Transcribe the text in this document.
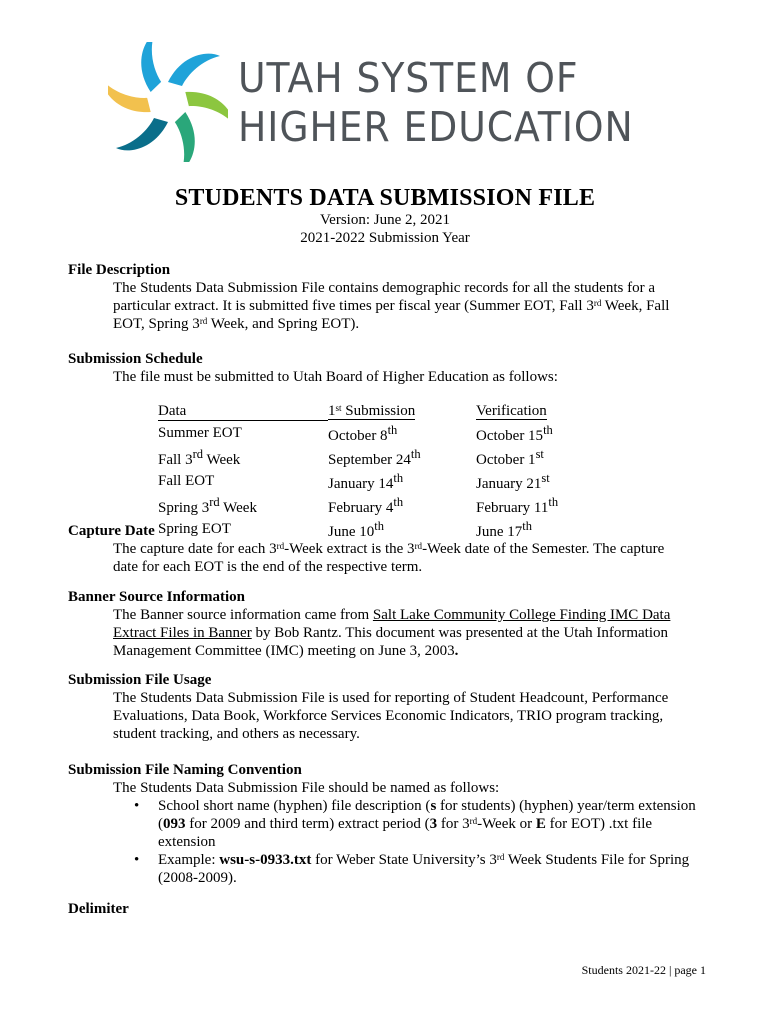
UTAH SYSTEM OF
HIGHER EDUCATION
STUDENTS DATA SUBMISSION FILE
Version: June 2, 2021
2021-2022 Submission Year
File Description
The Students Data Submission File contains demographic records for all the students for a
particular extract. It is submitted five times per fiscal year (Summer EOT, Fall 3rd Week, Fall
EOT, Spring 3rd Week, and Spring EOT).
Submission Schedule
The file must be submitted to Utah Board of Higher Education as follows:
Data	1st Submission	Verification
Summer EOT	October 8th	October 15th
Fall 3rd Week	September 24th	October 1st
Fall EOT	January 14th	January 21st
Spring 3rd Week	February 4th	February 11th
Spring EOT	June 10th	June 17th
Capture Date
The capture date for each 3rd-Week extract is the 3rd-Week date of the Semester. The capture
date for each EOT is the end of the respective term.
Banner Source Information
The Banner source information came from Salt Lake Community College Finding IMC Data
Extract Files in Banner by Bob Rantz. This document was presented at the Utah Information
Management Committee (IMC) meeting on June 3, 2003.
Submission File Usage
The Students Data Submission File is used for reporting of Student Headcount, Performance
Evaluations, Data Book, Workforce Services Economic Indicators, TRIO program tracking,
student tracking, and others as necessary.
Submission File Naming Convention
The Students Data Submission File should be named as follows:
• School short name (hyphen) file description (s for students) (hyphen) year/term extension
(093 for 2009 and third term) extract period (3 for 3rd-Week or E for EOT) .txt file
extension
• Example: wsu-s-0933.txt for Weber State University’s 3rd Week Students File for Spring
(2008-2009).
Delimiter
Students 2021-22 | page 1
